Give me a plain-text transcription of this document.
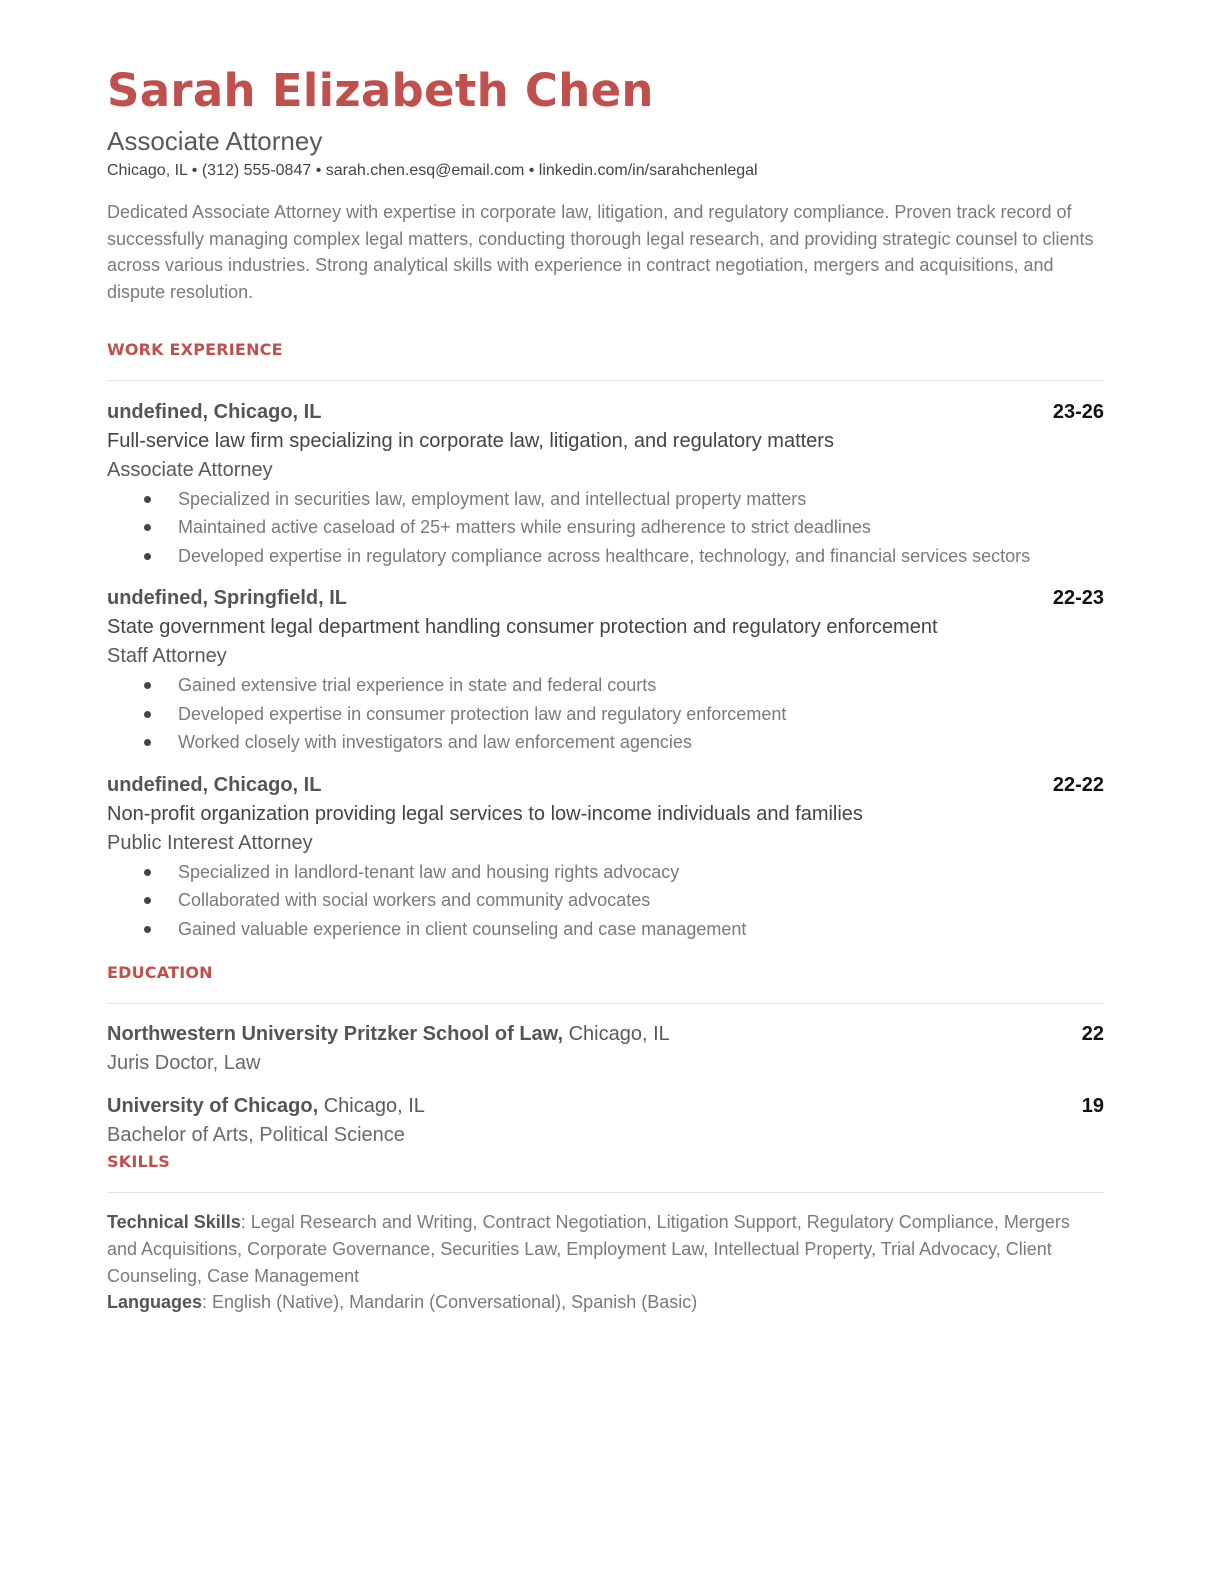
Sarah Elizabeth Chen
Associate Attorney
Chicago, IL • (312) 555-0847 • sarah.chen.esq@email.com • linkedin.com/in/sarahchenlegal
Dedicated Associate Attorney with expertise in corporate law, litigation, and regulatory compliance. Proven track record of successfully managing complex legal matters, conducting thorough legal research, and providing strategic counsel to clients across various industries. Strong analytical skills with experience in contract negotiation, mergers and acquisitions, and dispute resolution.
WORK EXPERIENCE
undefined, Chicago, IL	23-26
Full-service law firm specializing in corporate law, litigation, and regulatory matters
Associate Attorney
Specialized in securities law, employment law, and intellectual property matters
Maintained active caseload of 25+ matters while ensuring adherence to strict deadlines
Developed expertise in regulatory compliance across healthcare, technology, and financial services sectors
undefined, Springfield, IL	22-23
State government legal department handling consumer protection and regulatory enforcement
Staff Attorney
Gained extensive trial experience in state and federal courts
Developed expertise in consumer protection law and regulatory enforcement
Worked closely with investigators and law enforcement agencies
undefined, Chicago, IL	22-22
Non-profit organization providing legal services to low-income individuals and families
Public Interest Attorney
Specialized in landlord-tenant law and housing rights advocacy
Collaborated with social workers and community advocates
Gained valuable experience in client counseling and case management
EDUCATION
Northwestern University Pritzker School of Law, Chicago, IL	22
Juris Doctor, Law
University of Chicago, Chicago, IL	19
Bachelor of Arts, Political Science
SKILLS
Technical Skills: Legal Research and Writing, Contract Negotiation, Litigation Support, Regulatory Compliance, Mergers and Acquisitions, Corporate Governance, Securities Law, Employment Law, Intellectual Property, Trial Advocacy, Client Counseling, Case Management
Languages: English (Native), Mandarin (Conversational), Spanish (Basic)
